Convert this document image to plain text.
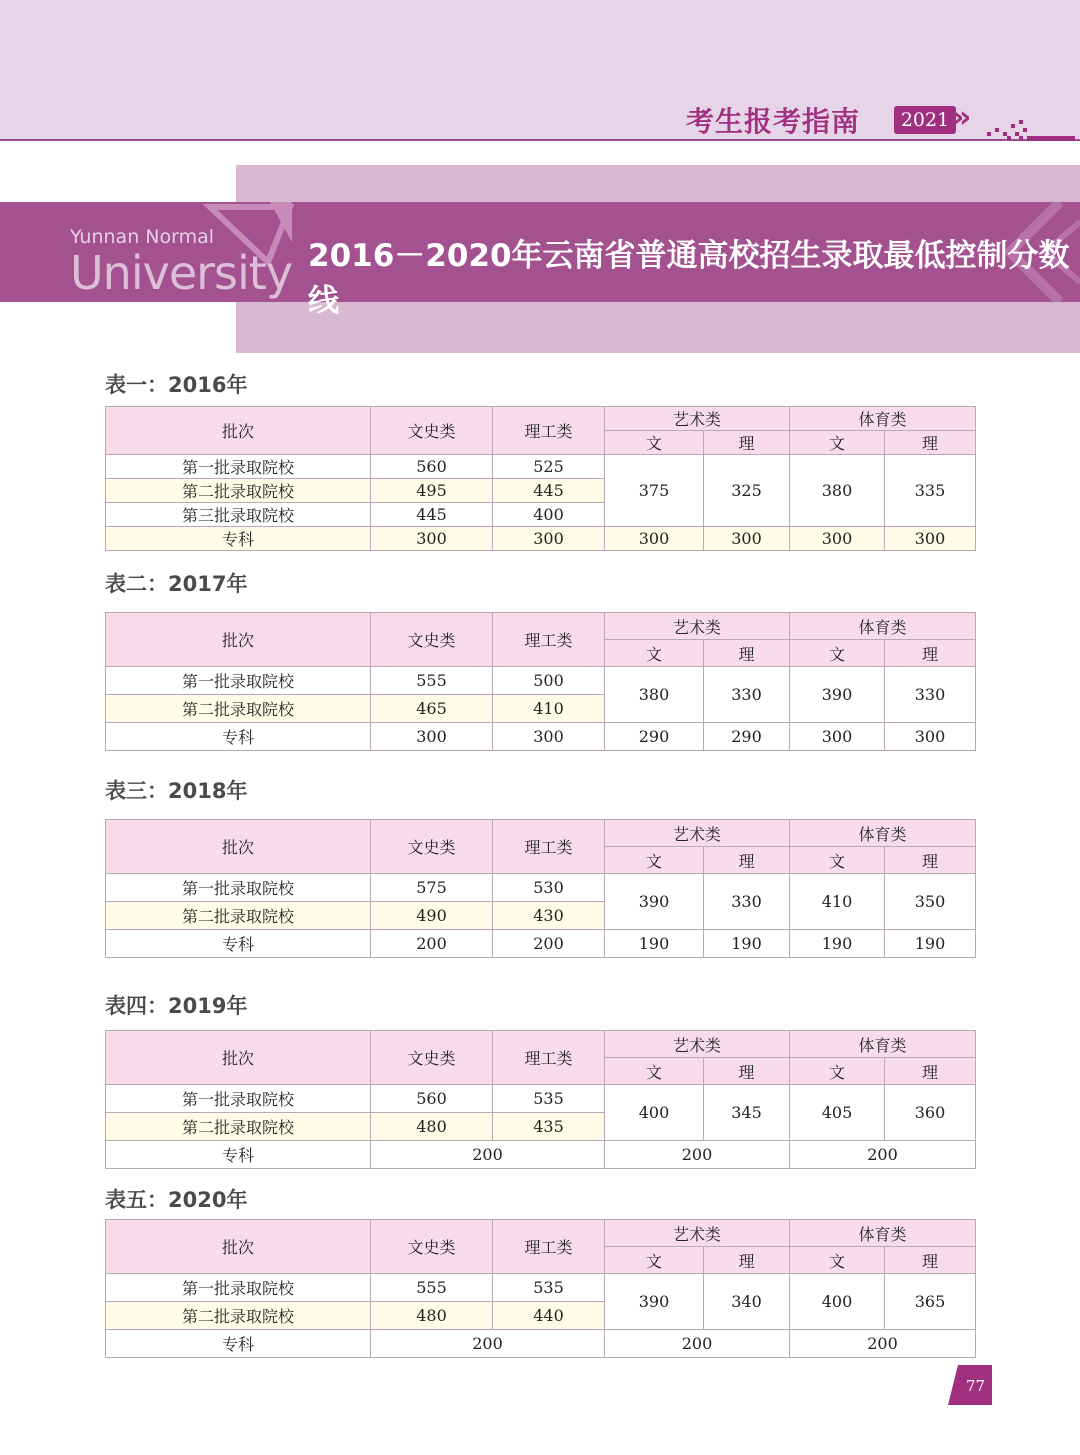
考生报考指南	2021 »
Yunnan Normal
University 2016－2020年云南省普通高校招生录取最低控制分数线
表一：2016年
批次	文史类	理工类	艺术类		体育类	
			文	理	文	理
第一批录取院校	560	525	375	325	380	335
第二批录取院校	495	445				
第三批录取院校	445	400				
专科	300	300	300	300	300	300
表二：2017年
批次	文史类	理工类	艺术类		体育类	
			文	理	文	理
第一批录取院校	555	500	380	330	390	330
第二批录取院校	465	410				
专科	300	300	290	290	300	300
表三：2018年
批次	文史类	理工类	艺术类		体育类	
			文	理	文	理
第一批录取院校	575	530	390	330	410	350
第二批录取院校	490	430				
专科	200	200	190	190	190	190
表四：2019年
批次	文史类	理工类	艺术类		体育类	
			文	理	文	理
第一批录取院校	560	535	400	345	405	360
第二批录取院校	480	435				
专科	200		200		200	
表五：2020年
批次	文史类	理工类	艺术类		体育类	
			文	理	文	理
第一批录取院校	555	535	390	340	400	365
第二批录取院校	480	440				
专科	200		200		200	
77
